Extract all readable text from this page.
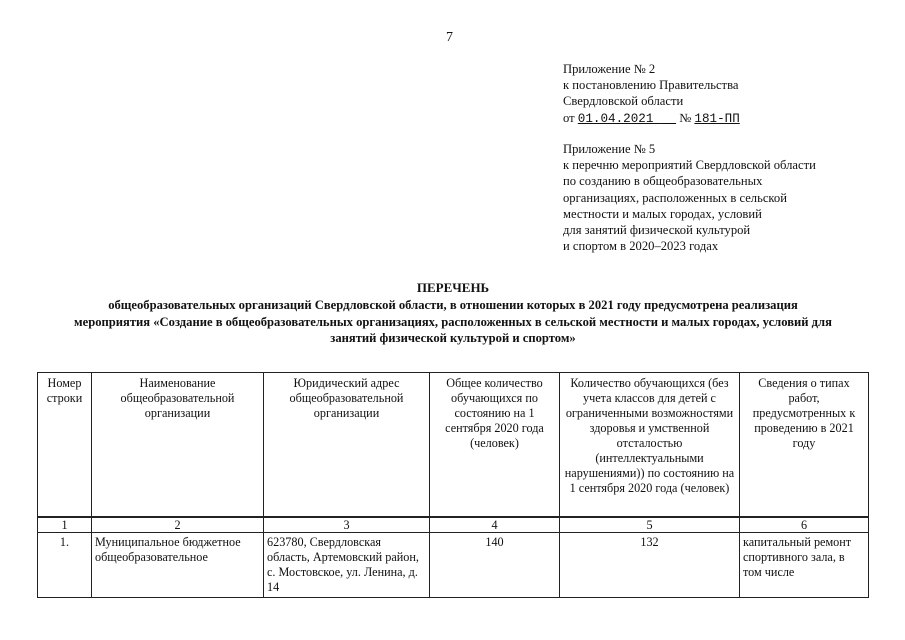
7
Приложение № 2
к постановлению Правительства
Свердловской области
от 01.04.2021    № 181-ПП
Приложение № 5
к перечню мероприятий Свердловской области
по созданию в общеобразовательных
организациях, расположенных в сельской
местности и малых городах, условий
для занятий физической культурой
и спортом в 2020–2023 годах
ПЕРЕЧЕНЬ
общеобразовательных организаций Свердловской области, в отношении которых в 2021 году предусмотрена реализация
мероприятия «Создание в общеобразовательных организациях, расположенных в сельской местности и малых городах, условий для
занятий физической культурой и спортом»
Номер строки	Наименование общеобразовательной организации	Юридический адрес общеобразовательной организации	Общее количество обучающихся по состоянию на 1 сентября 2020 года (человек)	Количество обучающихся (без учета классов для детей с ограниченными возможностями здоровья и умственной отсталостью (интеллектуальными нарушениями)) по состоянию на 1 сентября 2020 года (человек)	Сведения о типах работ, предусмотренных к проведению в 2021 году
1	2	3	4	5	6
1.	Муниципальное бюджетное общеобразовательное	623780, Свердловская область, Артемовский район, с. Мостовское, ул. Ленина, д. 14	140	132	капитальный ремонт спортивного зала, в том числе
